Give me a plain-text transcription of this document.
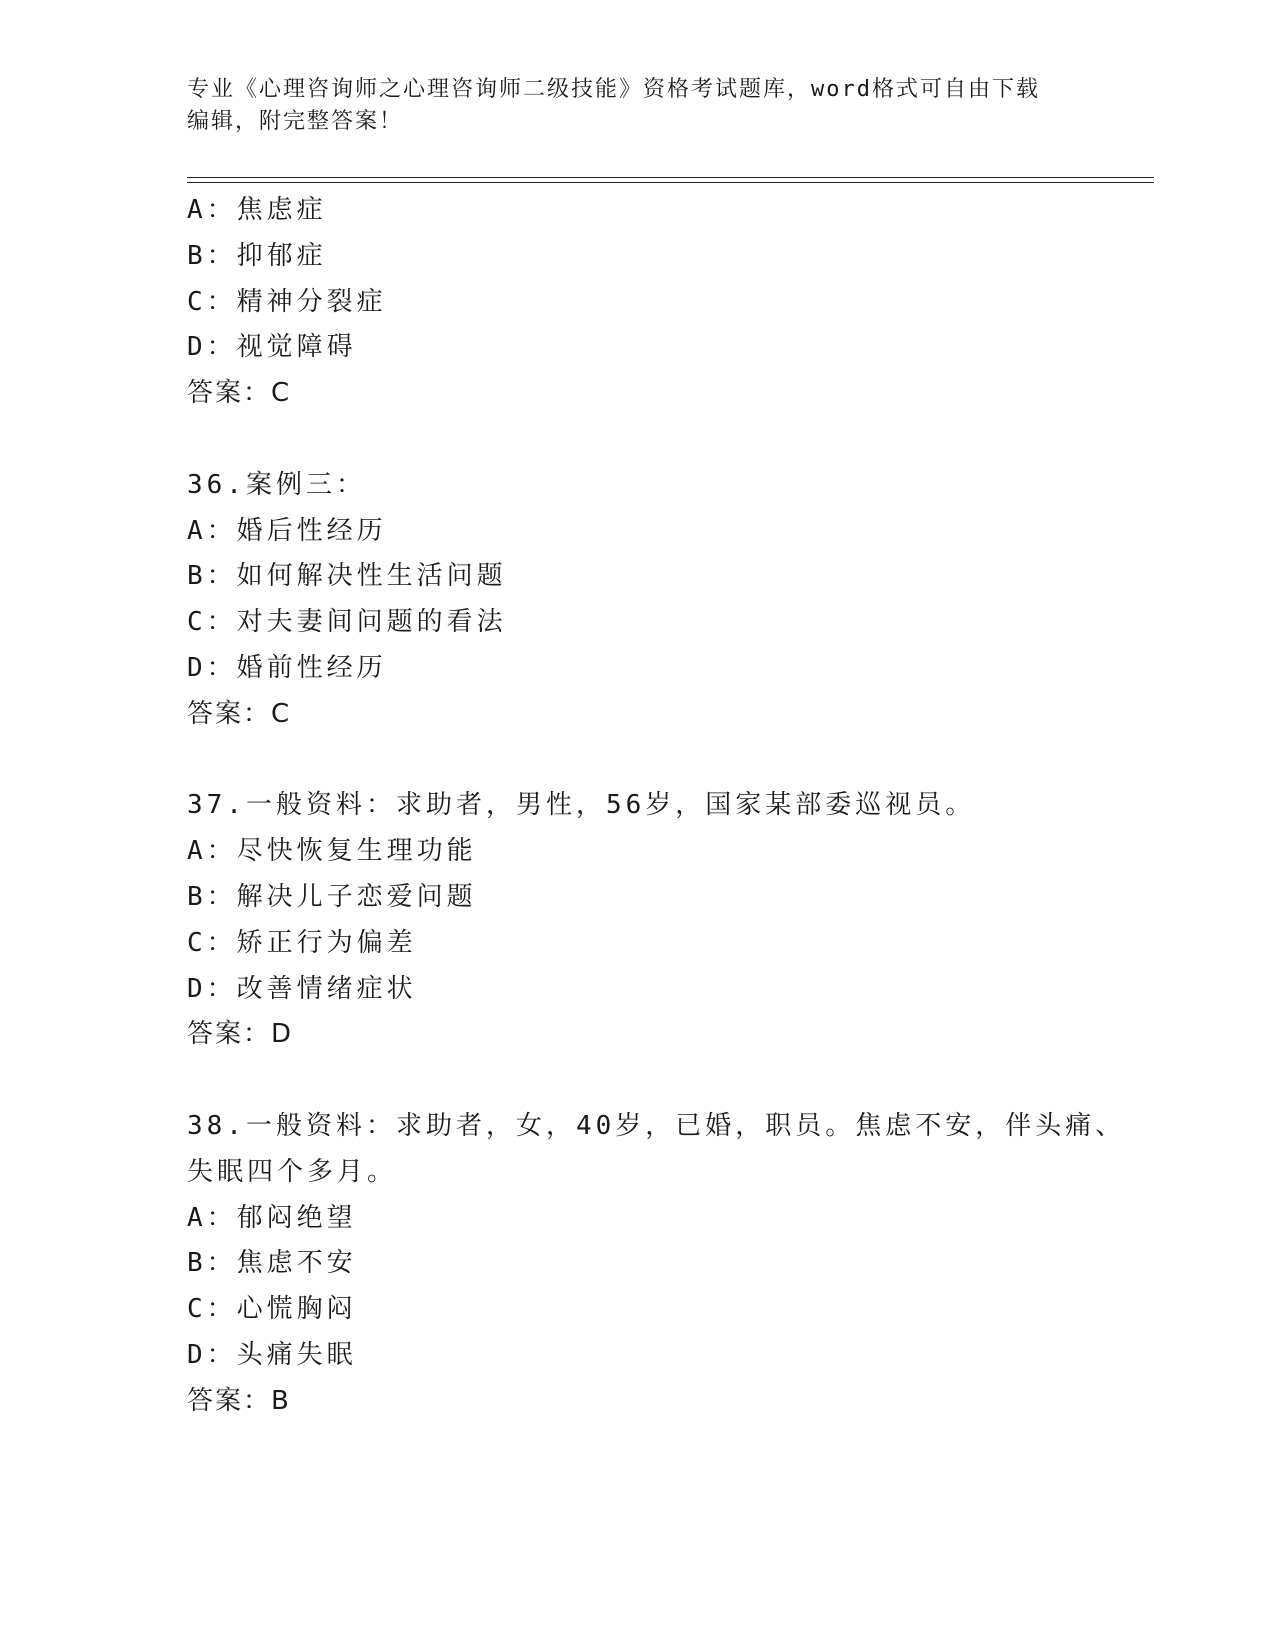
专业《心理咨询师之心理咨询师二级技能》资格考试题库，word格式可自由下载
编辑，附完整答案！
A：焦虑症
B：抑郁症
C：精神分裂症
D：视觉障碍
答案：C
36.案例三：
A：婚后性经历
B：如何解决性生活问题
C：对夫妻间问题的看法
D：婚前性经历
答案：C
37.一般资料：求助者，男性，56岁，国家某部委巡视员。
A：尽快恢复生理功能
B：解决儿子恋爱问题
C：矫正行为偏差
D：改善情绪症状
答案：D
38.一般资料：求助者，女，40岁，已婚，职员。焦虑不安，伴头痛、
失眠四个多月。
A：郁闷绝望
B：焦虑不安
C：心慌胸闷
D：头痛失眠
答案：B
